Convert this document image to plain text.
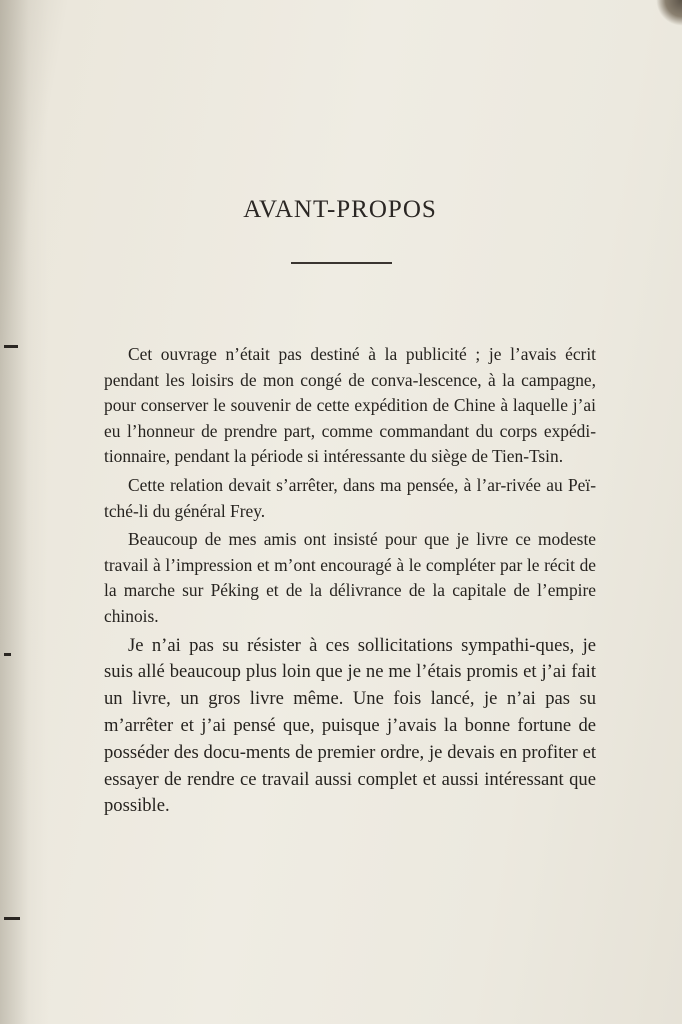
AVANT-PROPOS

Cet ouvrage n’était pas destiné à la publicité ; je l’avais écrit pendant les loisirs de mon congé de conva-lescence, à la campagne, pour conserver le souvenir de cette expédition de Chine à laquelle j’ai eu l’honneur de prendre part, comme commandant du corps expédi-tionnaire, pendant la période si intéressante du siège de Tien-Tsin.

Cette relation devait s’arrêter, dans ma pensée, à l’ar-rivée au Peï-tché-li du général Frey.

Beaucoup de mes amis ont insisté pour que je livre ce modeste travail à l’impression et m’ont encouragé à le compléter par le récit de la marche sur Péking et de la délivrance de la capitale de l’empire chinois.

Je n’ai pas su résister à ces sollicitations sympathi-ques, je suis allé beaucoup plus loin que je ne me l’étais promis et j’ai fait un livre, un gros livre même. Une fois lancé, je n’ai pas su m’arrêter et j’ai pensé que, puisque j’avais la bonne fortune de posséder des docu-ments de premier ordre, je devais en profiter et essayer de rendre ce travail aussi complet et aussi intéressant que possible.
